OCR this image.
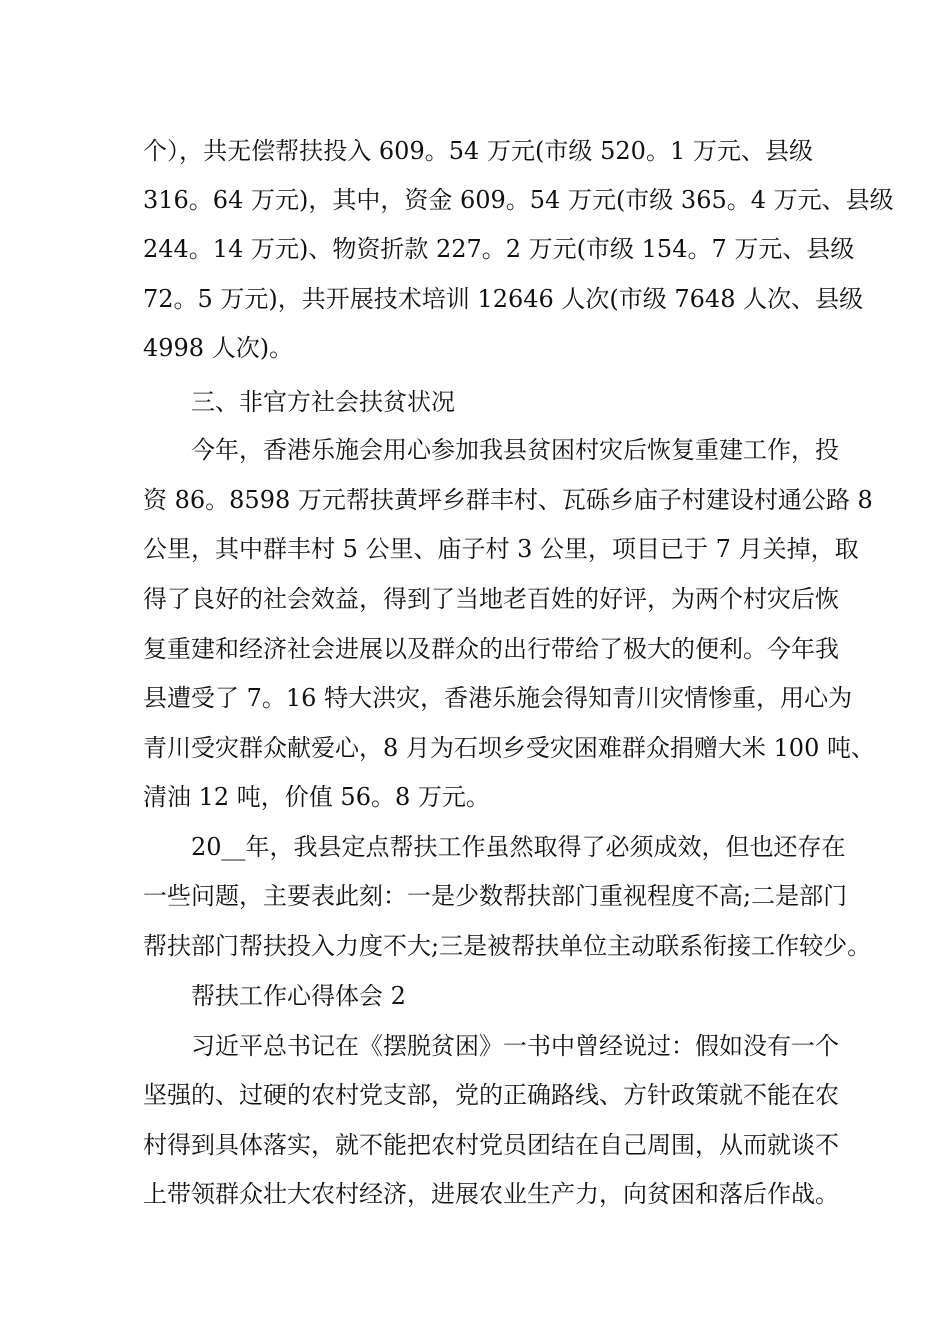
个），共无偿帮扶投入 609。54 万元(市级 520。1 万元、县级
316。64 万元)，其中，资金 609。54 万元(市级 365。4 万元、县级
244。14 万元)、物资折款 227。2 万元(市级 154。7 万元、县级
72。5 万元)，共开展技术培训 12646 人次(市级 7648 人次、县级
4998 人次)。
三、非官方社会扶贫状况
今年，香港乐施会用心参加我县贫困村灾后恢复重建工作，投
资 86。8598 万元帮扶黄坪乡群丰村、瓦砾乡庙子村建设村通公路 8
公里，其中群丰村 5 公里、庙子村 3 公里，项目已于 7 月关掉，取
得了良好的社会效益，得到了当地老百姓的好评，为两个村灾后恢
复重建和经济社会进展以及群众的出行带给了极大的便利。今年我
县遭受了 7。16 特大洪灾，香港乐施会得知青川灾情惨重，用心为
青川受灾群众献爱心，8 月为石坝乡受灾困难群众捐赠大米 100 吨、
清油 12 吨，价值 56。8 万元。
20__年，我县定点帮扶工作虽然取得了必须成效，但也还存在
一些问题，主要表此刻：一是少数帮扶部门重视程度不高;二是部门
帮扶部门帮扶投入力度不大;三是被帮扶单位主动联系衔接工作较少。
帮扶工作心得体会 2
习近平总书记在《摆脱贫困》一书中曾经说过：假如没有一个
坚强的、过硬的农村党支部，党的正确路线、方针政策就不能在农
村得到具体落实，就不能把农村党员团结在自己周围，从而就谈不
上带领群众壮大农村经济，进展农业生产力，向贫困和落后作战。
